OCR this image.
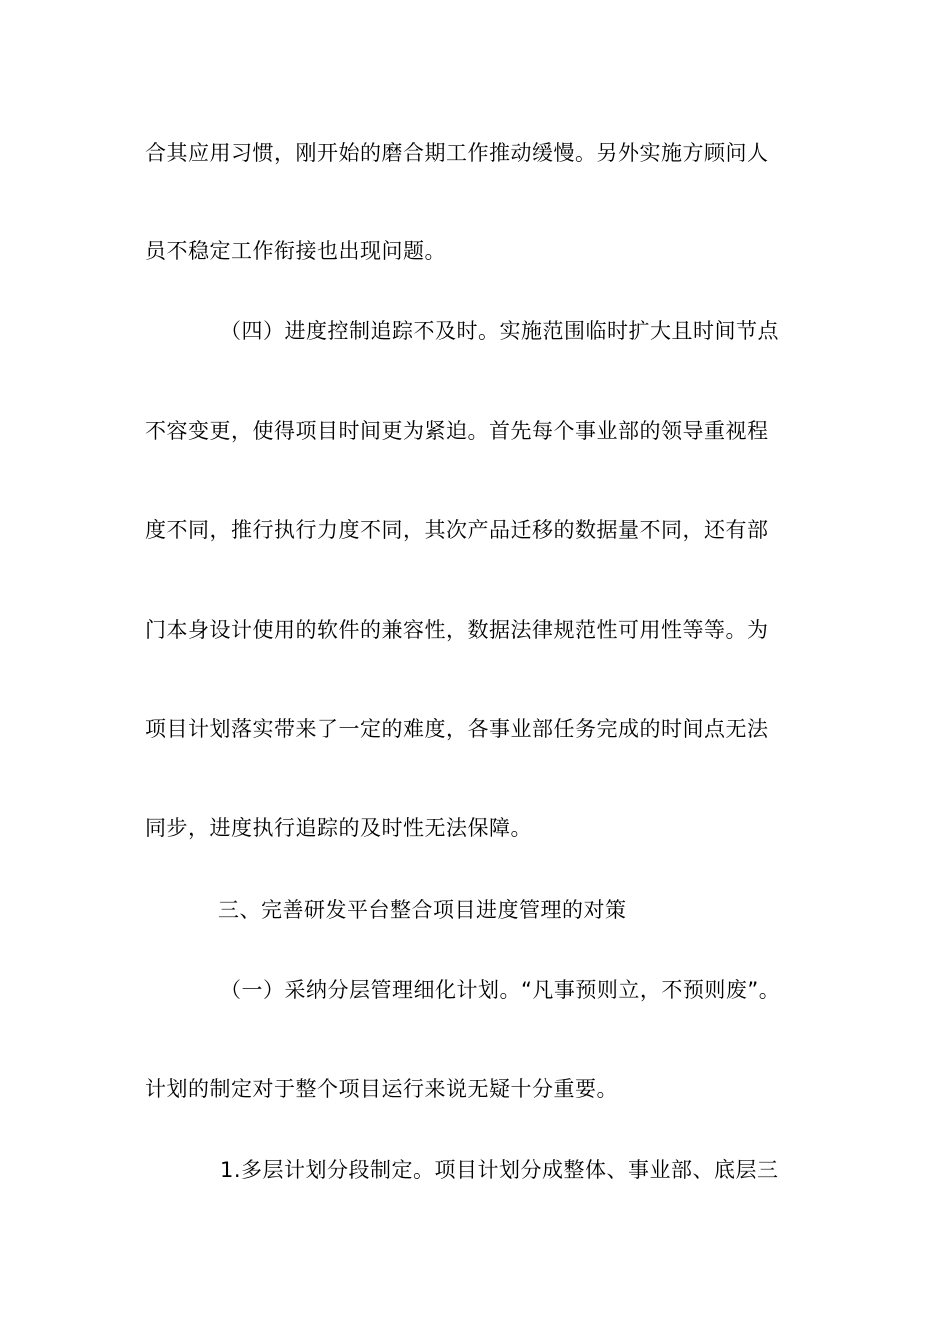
合其应用习惯，刚开始的磨合期工作推动缓慢。另外实施方顾问人

员不稳定工作衔接也出现问题。

（四）进度控制追踪不及时。实施范围临时扩大且时间节点

不容变更，使得项目时间更为紧迫。首先每个事业部的领导重视程

度不同，推行执行力度不同，其次产品迁移的数据量不同，还有部

门本身设计使用的软件的兼容性，数据法律规范性可用性等等。为

项目计划落实带来了一定的难度，各事业部任务完成的时间点无法

同步，进度执行追踪的及时性无法保障。

三、完善研发平台整合项目进度管理的对策

（一）采纳分层管理细化计划。“凡事预则立，不预则废”。

计划的制定对于整个项目运行来说无疑十分重要。

1.多层计划分段制定。项目计划分成整体、事业部、底层三
